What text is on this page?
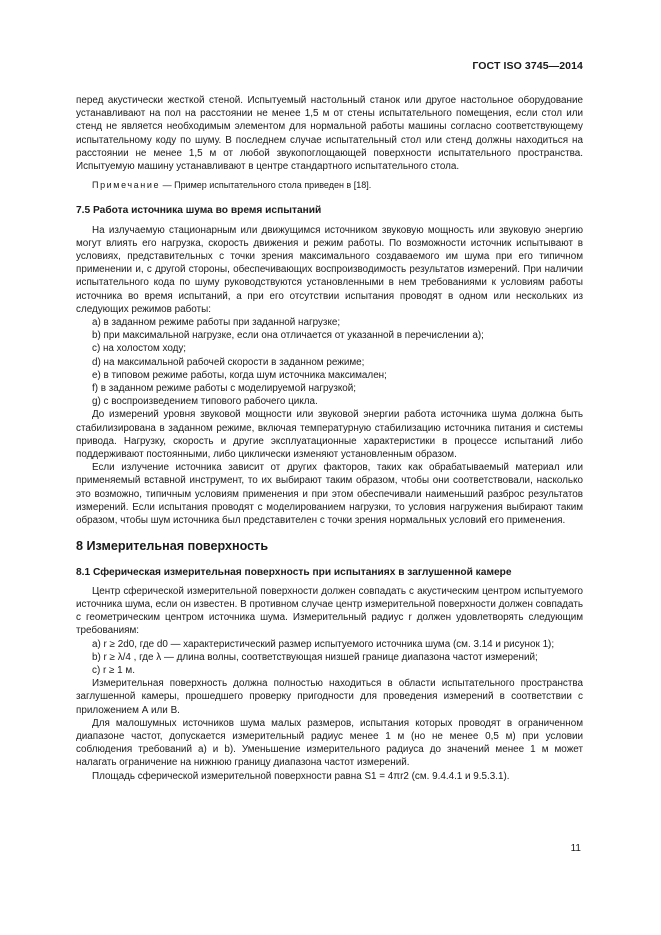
ГОСТ ISO 3745—2014

перед акустически жесткой стеной. Испытуемый настольный станок или другое настольное оборудование устанавливают на пол на расстоянии не менее 1,5 м от стены испытательного помещения, если стол или стенд не является необходимым элементом для нормальной работы машины согласно соответствующему испытательному коду по шуму. В последнем случае испытательный стол или стенд должны находиться на расстоянии не менее 1,5 м от любой звукопоглощающей поверхности испытательного пространства. Испытуемую машину устанавливают в центре стандартного испытательного стола.

Примечание — Пример испытательного стола приведен в [18].

7.5 Работа источника шума во время испытаний

На излучаемую стационарным или движущимся источником звуковую мощность или звуковую энергию могут влиять его нагрузка, скорость движения и режим работы. По возможности источник испытывают в условиях, представительных с точки зрения максимального создаваемого им шума при его типичном применении и, с другой стороны, обеспечивающих воспроизводимость результатов измерений. При наличии испытательного кода по шуму руководствуются установленными в нем требованиями к условиям работы источника во время испытаний, а при его отсутствии испытания проводят в одном или нескольких из следующих режимов работы:

a) в заданном режиме работы при заданной нагрузке;

b) при максимальной нагрузке, если она отличается от указанной в перечислении а);

c) на холостом ходу;

d) на максимальной рабочей скорости в заданном режиме;

e) в типовом режиме работы, когда шум источника максимален;

f) в заданном режиме работы с моделируемой нагрузкой;

g) с воспроизведением типового рабочего цикла.

До измерений уровня звуковой мощности или звуковой энергии работа источника шума должна быть стабилизирована в заданном режиме, включая температурную стабилизацию источника питания и системы привода. Нагрузку, скорость и другие эксплуатационные характеристики в процессе испытаний либо поддерживают постоянными, либо циклически изменяют установленным образом.

Если излучение источника зависит от других факторов, таких как обрабатываемый материал или применяемый вставной инструмент, то их выбирают таким образом, чтобы они соответствовали, насколько это возможно, типичным условиям применения и при этом обеспечивали наименьший разброс результатов измерений. Если испытания проводят с моделированием нагрузки, то условия нагружения выбирают таким образом, чтобы шум источника был представителен с точки зрения нормальных условий его применения.

8 Измерительная поверхность
8.1 Сферическая измерительная поверхность при испытаниях в заглушенной камере

Центр сферической измерительной поверхности должен совпадать с акустическим центром испытуемого источника шума, если он известен. В противном случае центр измерительной поверхности должен совпадать с геометрическим центром источника шума. Измерительный радиус r должен удовлетворять следующим требованиям:

a) r ≥ 2d0, где d0 — характеристический размер испытуемого источника шума (см. 3.14 и рисунок 1);

b) r ≥ λ/4 , где λ — длина волны, соответствующая низшей границе диапазона частот измерений;

c) r ≥ 1 м.

Измерительная поверхность должна полностью находиться в области испытательного пространства заглушенной камеры, прошедшего проверку пригодности для проведения измерений в соответствии с приложением А или В.

Для малошумных источников шума малых размеров, испытания которых проводят в ограниченном диапазоне частот, допускается измерительный радиус менее 1 м (но не менее 0,5 м) при условии соблюдения требований а) и b). Уменьшение измерительного радиуса до значений менее 1 м может налагать ограничение на нижнюю границу диапазона частот измерений.

Площадь сферической измерительной поверхности равна S1 = 4πr2 (см. 9.4.4.1 и 9.5.3.1).

11
